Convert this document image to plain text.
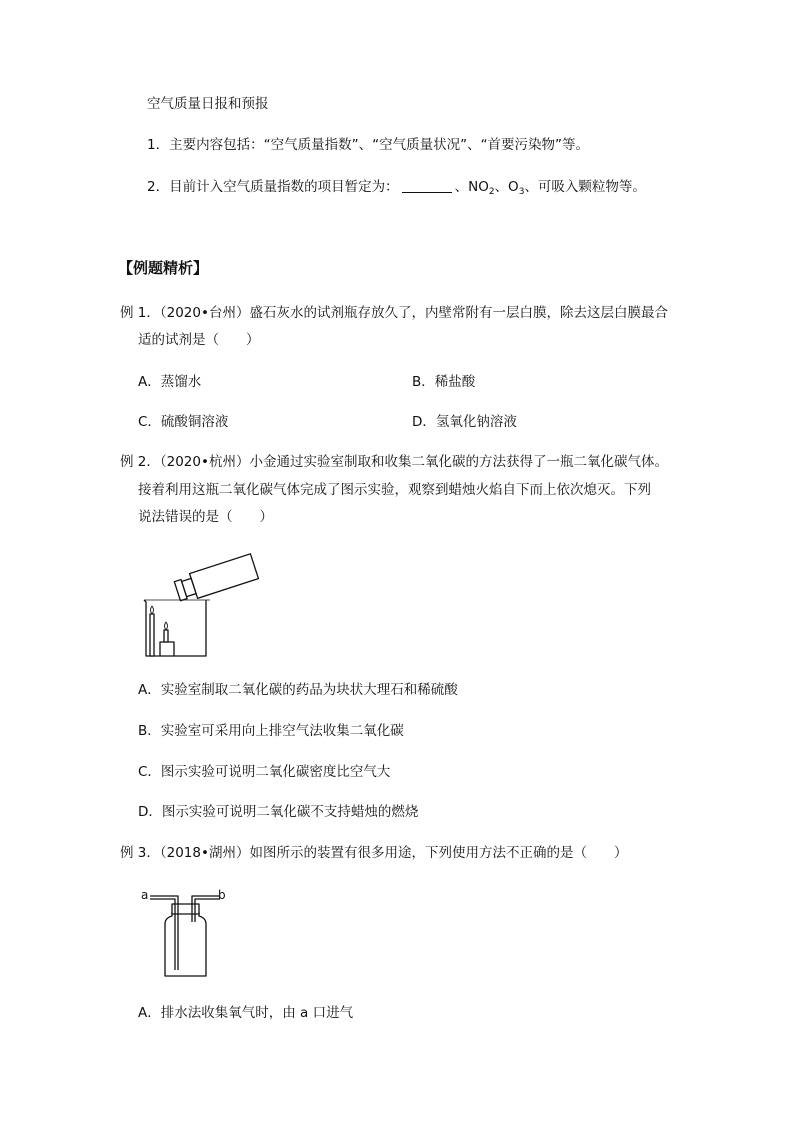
空气质量日报和预报
1．主要内容包括：“空气质量指数”、“空气质量状况”、“首要污染物”等。
2．目前计入空气质量指数的项目暂定为：	、$NO_2$、$O_3$、可吸入颗粒物等。
【例题精析】
例 1．（2020•台州）盛石灰水的试剂瓶存放久了，内壁常附有一层白膜，除去这层白膜最合
适的试剂是（　　）
A．蒸馏水	B．稀盐酸
C．硫酸铜溶液	D．氢氧化钠溶液
例 2．（2020•杭州）小金通过实验室制取和收集二氧化碳的方法获得了一瓶二氧化碳气体。
接着利用这瓶二氧化碳气体完成了图示实验，观察到蜡烛火焰自下而上依次熄灭。下列
说法错误的是（　　）
A．实验室制取二氧化碳的药品为块状大理石和稀硫酸
B．实验室可采用向上排空气法收集二氧化碳
C．图示实验可说明二氧化碳密度比空气大
D．图示实验可说明二氧化碳不支持蜡烛的燃烧
例 3．（2018•湖州）如图所示的装置有很多用途，下列使用方法不正确的是（　　）
a	b
A．排水法收集氧气时，由 a 口进气
